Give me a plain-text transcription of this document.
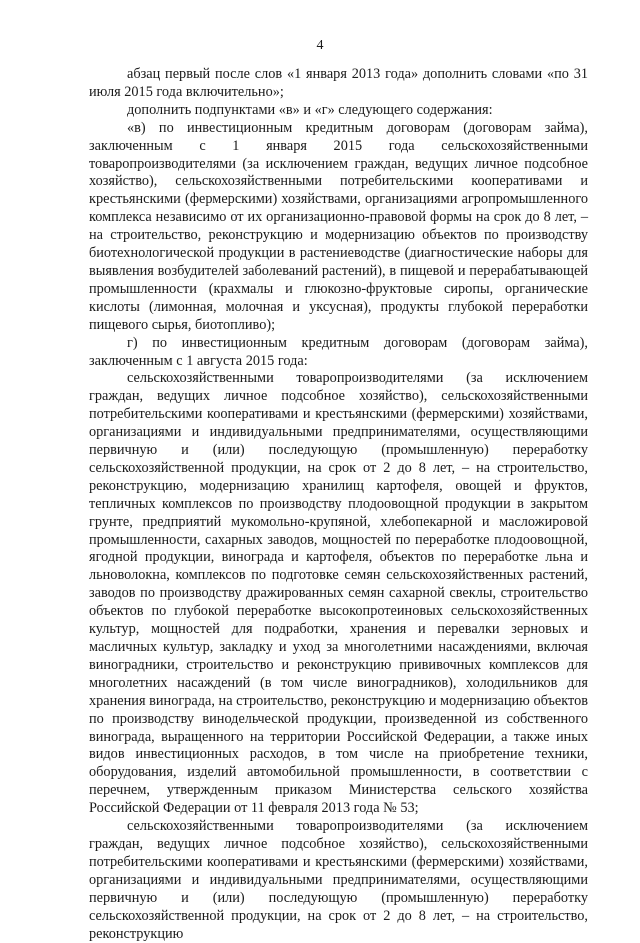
4

абзац первый после слов «1 января 2013 года» дополнить словами «по 31 июля 2015 года включительно»;

дополнить подпунктами «в» и «г» следующего содержания:

«в) по инвестиционным кредитным договорам (договорам займа), заключенным с 1 января 2015 года сельскохозяйственными товаропроизводителями (за исключением граждан, ведущих личное подсобное хозяйство), сельскохозяйственными потребительскими кооперативами и крестьянскими (фермерскими) хозяйствами, организациями агропромышленного комплекса независимо от их организационно-правовой формы на срок до 8 лет, – на строительство, реконструкцию и модернизацию объектов по производству биотехнологической продукции в растениеводстве (диагностические наборы для выявления возбудителей заболеваний растений), в пищевой и перерабатывающей промышленности (крахмалы и глюкозно-фруктовые сиропы, органические кислоты (лимонная, молочная и уксусная), продукты глубокой переработки пищевого сырья, биотопливо);

г) по инвестиционным кредитным договорам (договорам займа), заключенным с 1 августа 2015 года:

сельскохозяйственными товаропроизводителями (за исключением граждан, ведущих личное подсобное хозяйство), сельскохозяйственными потребительскими кооперативами и крестьянскими (фермерскими) хозяйствами, организациями и индивидуальными предпринимателями, осуществляющими первичную и (или) последующую (промышленную) переработку сельскохозяйственной продукции, на срок от 2 до 8 лет, – на строительство, реконструкцию, модернизацию хранилищ картофеля, овощей и фруктов, тепличных комплексов по производству плодоовощной продукции в закрытом грунте, предприятий мукомольно-крупяной, хлебопекарной и масложировой промышленности, сахарных заводов, мощностей по переработке плодоовощной, ягодной продукции, винограда и картофеля, объектов по переработке льна и льноволокна, комплексов по подготовке семян сельскохозяйственных растений, заводов по производству дражированных семян сахарной свеклы, строительство объектов по глубокой переработке высокопротеиновых сельскохозяйственных культур, мощностей для подработки, хранения и перевалки зерновых и масличных культур, закладку и уход за многолетними насаждениями, включая виноградники, строительство и реконструкцию прививочных комплексов для многолетних насаждений (в том числе виноградников), холодильников для хранения винограда, на строительство, реконструкцию и модернизацию объектов по производству винодельческой продукции, произведенной из собственного винограда, выращенного на территории Российской Федерации, а также иных видов инвестиционных расходов, в том числе на приобретение техники, оборудования, изделий автомобильной промышленности, в соответствии с перечнем, утвержденным приказом Министерства сельского хозяйства Российской Федерации от 11 февраля 2013 года № 53;

сельскохозяйственными товаропроизводителями (за исключением граждан, ведущих личное подсобное хозяйство), сельскохозяйственными потребительскими кооперативами и крестьянскими (фермерскими) хозяйствами, организациями и индивидуальными предпринимателями, осуществляющими первичную и (или) последующую (промышленную) переработку сельскохозяйственной продукции, на срок от 2 до 8 лет, – на строительство, реконструкцию
